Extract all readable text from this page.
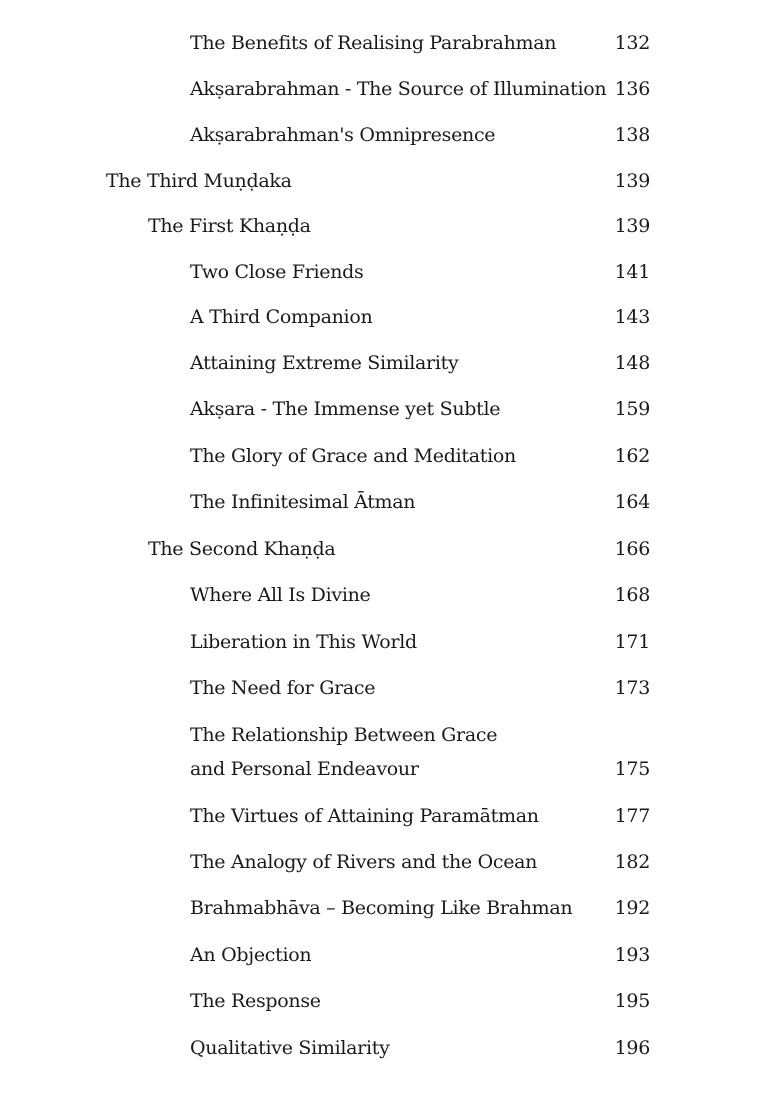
The Benefits of Realising Parabrahman	132
Akṣarabrahman - The Source of Illumination 136
Akṣarabrahman's Omnipresence	138
The Third Muṇḍaka	139
The First Khaṇḍa	139
Two Close Friends	141
A Third Companion	143
Attaining Extreme Similarity	148
Akṣara - The Immense yet Subtle	159
The Glory of Grace and Meditation	162
The Infinitesimal Ātman	164
The Second Khaṇḍa	166
Where All Is Divine	168
Liberation in This World	171
The Need for Grace	173
The Relationship Between Grace
and Personal Endeavour	175
The Virtues of Attaining Paramātman	177
The Analogy of Rivers and the Ocean	182
Brahmabhāva – Becoming Like Brahman 192
An Objection	193
The Response	195
Qualitative Similarity	196
